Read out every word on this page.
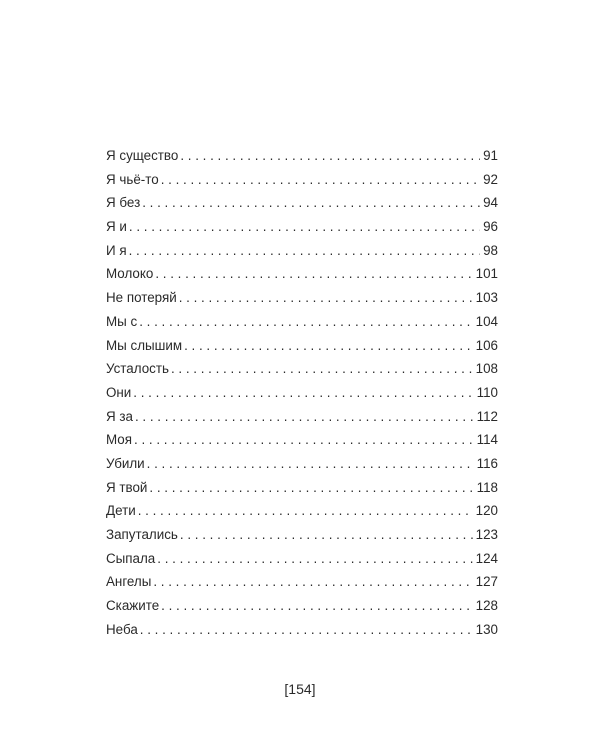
Я существо . . .	91
Я чьё-то . . .	92
Я без . . .	94
Я и . . .	96
И я . . .	98
Молоко . . .	101
Не потеряй . . .	103
Мы с . . .	104
Мы слышим . . .	106
Усталость . . .	108
Они . . .	110
Я за . . .	112
Моя . . .	114
Убили . . .	116
Я твой . . .	118
Дети . . .	120
Запутались . . .	123
Сыпала . . .	124
Ангелы . . .	127
Скажите . . .	128
Неба . . .	130
[154]
